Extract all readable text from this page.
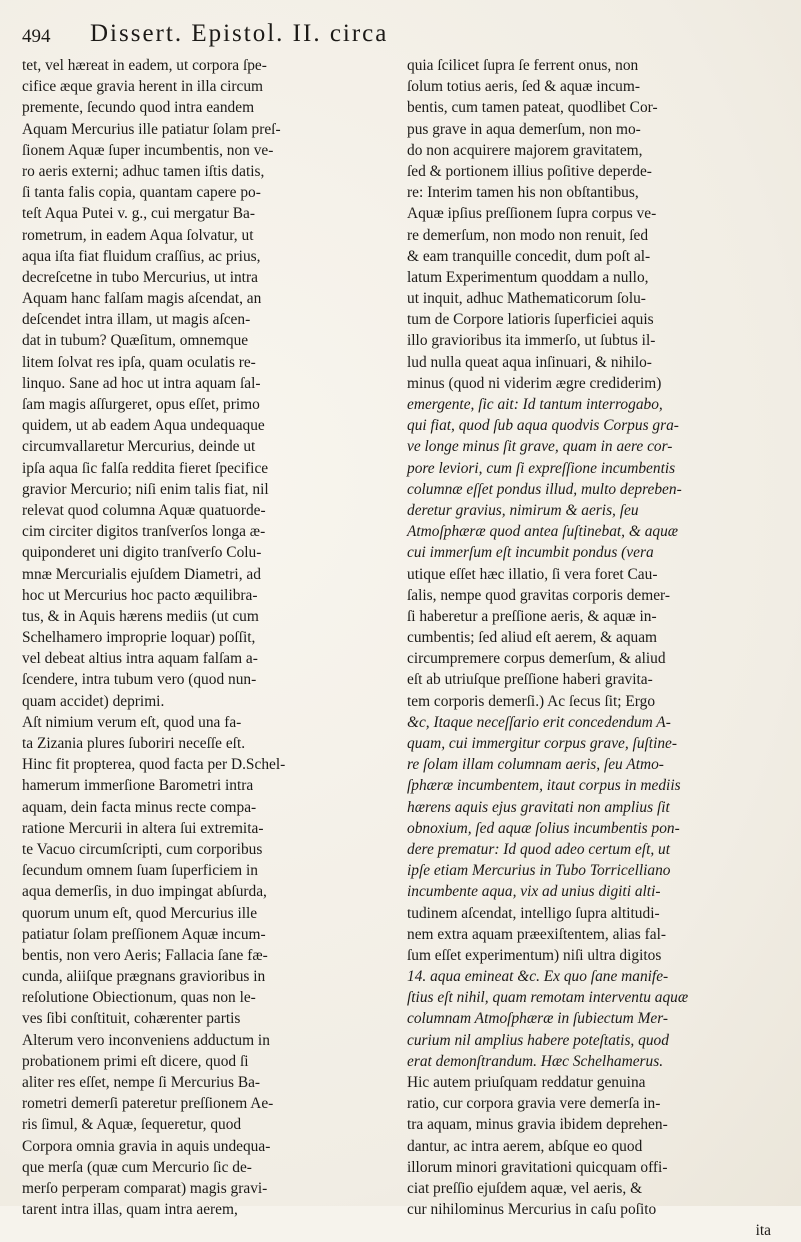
494 Dissert. Epistol. II. circa
tet, vel hæreat in eadem, ut corpora ſpe-
cifice æque gravia herent in illa circum
premente, ſecundo quod intra eandem
Aquam Mercurius ille patiatur ſolam preſ-
ſionem Aquæ ſuper incumbentis, non ve-
ro aeris externi; adhuc tamen iſtis datis,
ſi tanta falis copia, quantam capere po-
teſt Aqua Putei v. g., cui mergatur Ba-
rometrum, in eadem Aqua ſolvatur, ut
aqua iſta fiat fluidum craſſius, ac prius,
decreſcetne in tubo Mercurius, ut intra
Aquam hanc falſam magis aſcendat, an
deſcendet intra illam, ut magis aſcen-
dat in tubum? Quæſitum, omnemque
litem ſolvat res ipſa, quam oculatis re-
linquo. Sane ad hoc ut intra aquam ſal-
ſam magis aſſurgeret, opus eſſet, primo
quidem, ut ab eadem Aqua undequaque
circumvallaretur Mercurius, deinde ut
ipſa aqua ſic falſa reddita fieret ſpecifice
gravior Mercurio; niſi enim talis fiat, nil
relevat quod columna Aquæ quatuorde-
cim circiter digitos tranſverſos longa æ-
quiponderet uni digito tranſverſo Colu-
mnæ Mercurialis ejuſdem Diametri, ad
hoc ut Mercurius hoc pacto æquilibra-
tus, & in Aquis hærens mediis (ut cum
Schelhamero improprie loquar) poſſit,
vel debeat altius intra aquam falſam a-
ſcendere, intra tubum vero (quod nun-
quam accidet) deprimi.
Aſt nimium verum eſt, quod una fa-
ta Zizania plures ſuboriri neceſſe eſt.
Hinc fit propterea, quod facta per D.Schel-
hamerum immerſione Barometri intra
aquam, dein facta minus recte compa-
ratione Mercurii in altera ſui extremita-
te Vacuo circumſcripti, cum corporibus
ſecundum omnem ſuam ſuperficiem in
aqua demerſis, in duo impingat abſurda,
quorum unum eſt, quod Mercurius ille
patiatur ſolam preſſionem Aquæ incum-
bentis, non vero Aeris; Fallacia ſane fæ-
cunda, aliiſque prægnans gravioribus in
reſolutione Obiectionum, quas non le-
ves ſibi conſtituit, cohærenter partis
Alterum vero inconveniens adductum in
probationem primi eſt dicere, quod ſi
aliter res eſſet, nempe ſi Mercurius Ba-
rometri demerſi pateretur preſſionem Ae-
ris ſimul, & Aquæ, ſequeretur, quod
Corpora omnia gravia in aquis undequa-
que merſa (quæ cum Mercurio ſic de-
merſo perperam comparat) magis gravi-
tarent intra illas, quam intra aerem,
quia ſcilicet ſupra ſe ferrent onus, non
ſolum totius aeris, ſed & aquæ incum-
bentis, cum tamen pateat, quodlibet Cor-
pus grave in aqua demerſum, non mo-
do non acquirere majorem gravitatem,
ſed & portionem illius poſitive deperde-
re: Interim tamen his non obſtantibus,
Aquæ ipſius preſſionem ſupra corpus ve-
re demerſum, non modo non renuit, ſed
& eam tranquille concedit, dum poſt al-
latum Experimentum quoddam a nullo,
ut inquit, adhuc Mathematicorum ſolu-
tum de Corpore latioris ſuperficiei aquis
illo gravioribus ita immerſo, ut ſubtus il-
lud nulla queat aqua inſinuari, & nihilo-
minus (quod ni viderim ægre crediderim)
emergente, ſic ait: Id tantum interrogabo,
qui fiat, quod ſub aqua quodvis Corpus gra-
ve longe minus ſit grave, quam in aere cor-
pore leviori, cum ſi expreſſione incumbentis
columnæ eſſet pondus illud, multo depreben-
deretur gravius, nimirum & aeris, ſeu
Atmoſphæræ quod antea ſuſtinebat, & aquæ
cui immerſum eſt incumbit pondus (vera
utique eſſet hæc illatio, ſi vera foret Cau-
ſalis, nempe quod gravitas corporis demer-
ſi haberetur a preſſione aeris, & aquæ in-
cumbentis; ſed aliud eſt aerem, & aquam
circumpremere corpus demerſum, & aliud
eſt ab utriuſque preſſione haberi gravita-
tem corporis demerſi.) Ac ſecus ſit; Ergo
&c, Itaque neceſſario erit concedendum A-
quam, cui immergitur corpus grave, ſuſtine-
re ſolam illam columnam aeris, ſeu Atmo-
ſphæræ incumbentem, itaut corpus in mediis
hærens aquis ejus gravitati non amplius ſit
obnoxium, ſed aquæ ſolius incumbentis pon-
dere prematur: Id quod adeo certum eſt, ut
ipſe etiam Mercurius in Tubo Torricelliano
incumbente aqua, vix ad unius digiti alti-
tudinem aſcendat, intelligo ſupra altitudi-
nem extra aquam præexiſtentem, alias fal-
ſum eſſet experimentum) niſi ultra digitos
14. aqua emineat &c. Ex quo ſane manife-
ſtius eſt nihil, quam remotam interventu aquæ
columnam Atmoſphæræ in ſubiectum Mer-
curium nil amplius habere poteſtatis, quod
erat demonſtrandum. Hæc Schelhamerus.
Hic autem priuſquam reddatur genuina
ratio, cur corpora gravia vere demerſa in-
tra aquam, minus gravia ibidem deprehen-
dantur, ac intra aerem, abſque eo quod
illorum minori gravitationi quicquam offi-
ciat preſſio ejuſdem aquæ, vel aeris, &
cur nihilominus Mercurius in caſu poſito
ita
